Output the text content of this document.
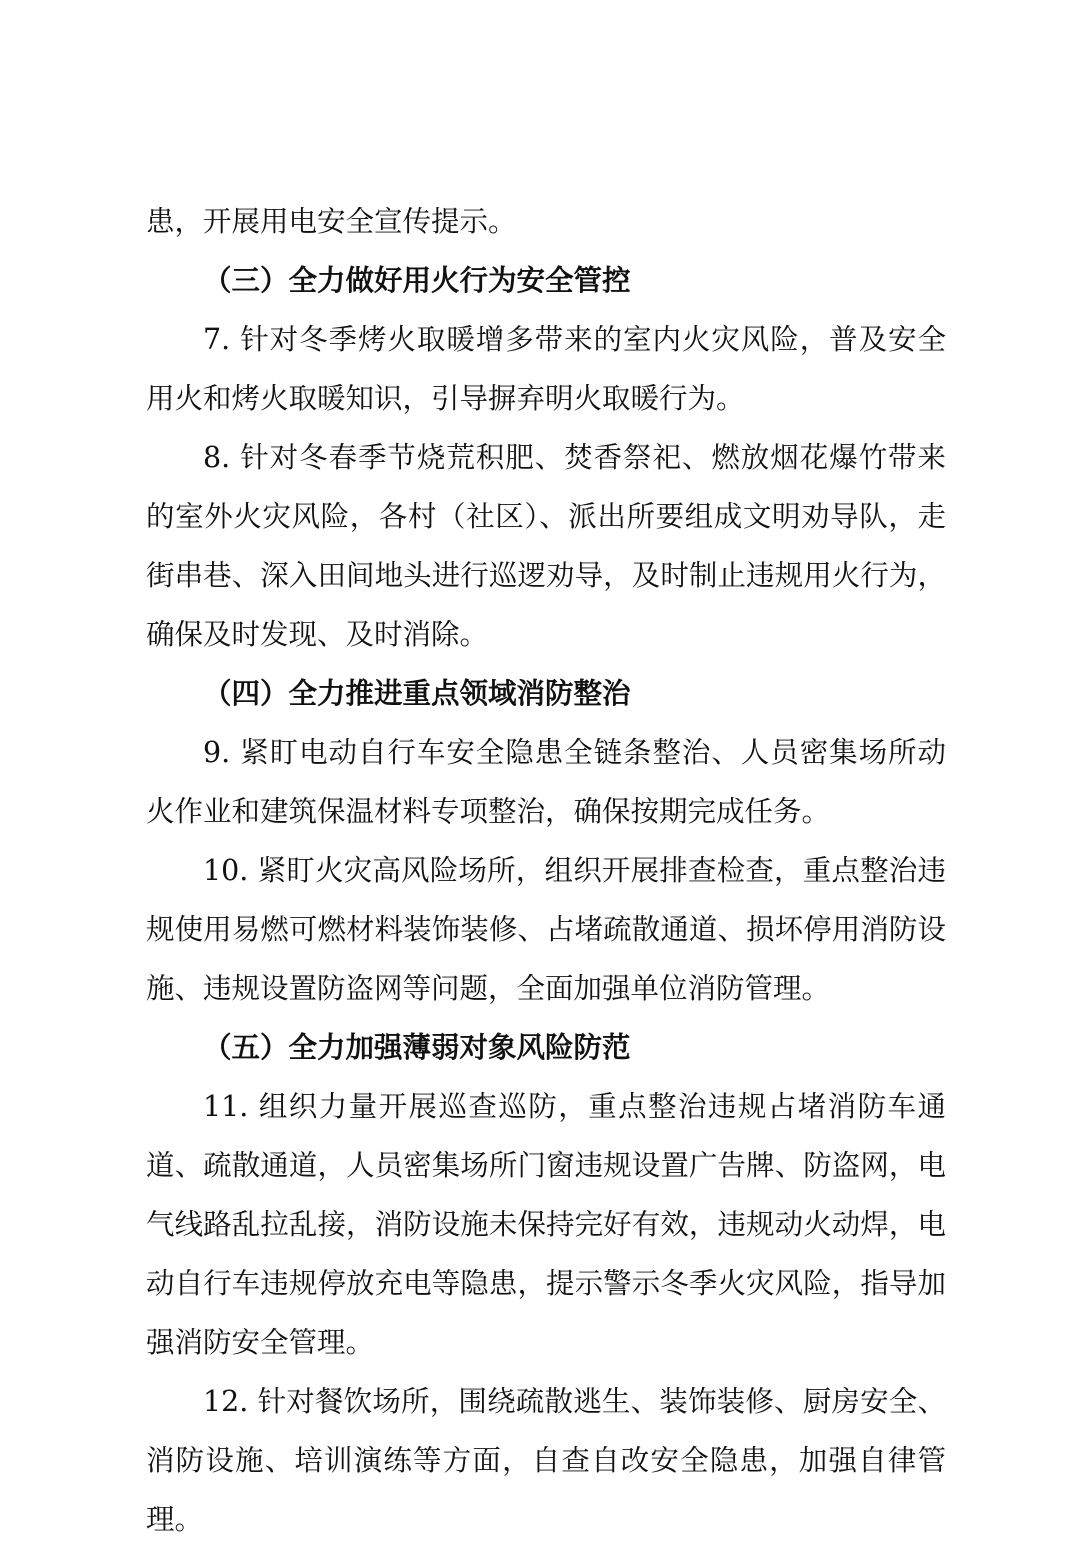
患，开展用电安全宣传提示。

（三）全力做好用火行为安全管控

7. 针对冬季烤火取暖增多带来的室内火灾风险，普及安全用火和烤火取暖知识，引导摒弃明火取暖行为。

8. 针对冬春季节烧荒积肥、焚香祭祀、燃放烟花爆竹带来的室外火灾风险，各村（社区）、派出所要组成文明劝导队，走街串巷、深入田间地头进行巡逻劝导，及时制止违规用火行为，确保及时发现、及时消除。

（四）全力推进重点领域消防整治

9. 紧盯电动自行车安全隐患全链条整治、人员密集场所动火作业和建筑保温材料专项整治，确保按期完成任务。

10. 紧盯火灾高风险场所，组织开展排查检查，重点整治违规使用易燃可燃材料装饰装修、占堵疏散通道、损坏停用消防设施、违规设置防盗网等问题，全面加强单位消防管理。

（五）全力加强薄弱对象风险防范

11. 组织力量开展巡查巡防，重点整治违规占堵消防车通道、疏散通道，人员密集场所门窗违规设置广告牌、防盗网，电气线路乱拉乱接，消防设施未保持完好有效，违规动火动焊，电动自行车违规停放充电等隐患，提示警示冬季火灾风险，指导加强消防安全管理。

12. 针对餐饮场所，围绕疏散逃生、装饰装修、厨房安全、消防设施、培训演练等方面，自查自改安全隐患，加强自律管理。
